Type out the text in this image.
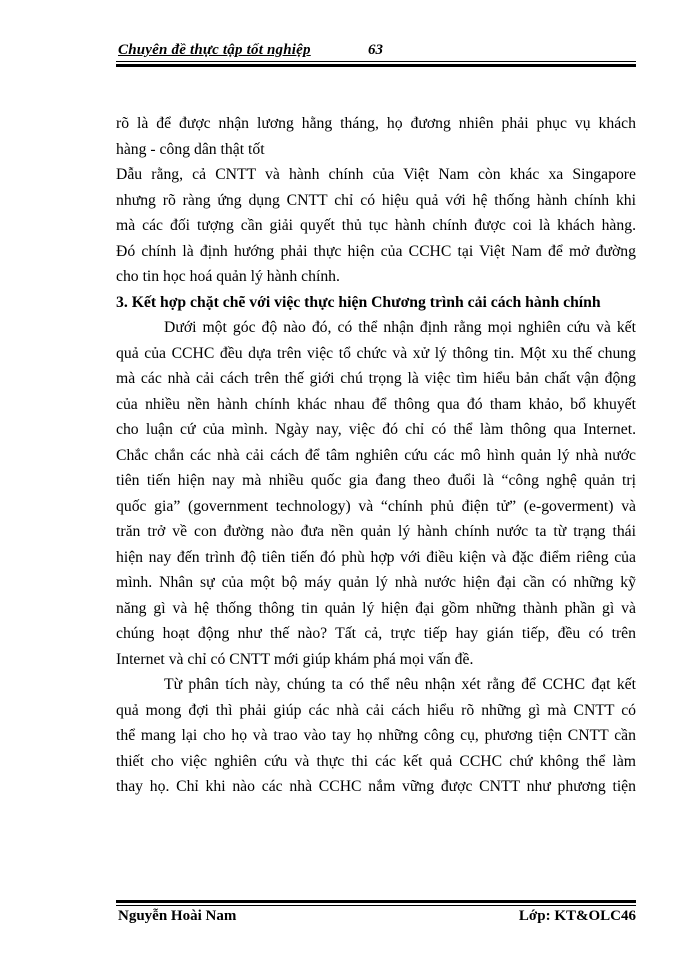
Chuyên đề thực tập tốt nghiệp	63
rõ là để được nhận lương hằng tháng, họ đương nhiên phải phục vụ khách
hàng - công dân thật tốt
Dẫu rằng, cả CNTT và hành chính của Việt Nam còn khác xa Singapore
nhưng rõ ràng ứng dụng CNTT chỉ có hiệu quả với hệ thống hành chính khi
mà các đối tượng cần giải quyết thủ tục hành chính được coi là khách hàng.
Đó chính là định hướng phải thực hiện của CCHC tại Việt Nam để mở đường
cho tin học hoá quản lý hành chính.
3. Kết hợp chặt chẽ với việc thực hiện Chương trình cải cách hành chính
Dưới một góc độ nào đó, có thể nhận định rằng mọi nghiên cứu và kết
quả của CCHC đều dựa trên việc tổ chức và xử lý thông tin. Một xu thế chung
mà các nhà cải cách trên thế giới chú trọng là việc tìm hiểu bản chất vận động
của nhiều nền hành chính khác nhau để thông qua đó tham khảo, bổ khuyết
cho luận cứ của mình. Ngày nay, việc đó chỉ có thể làm thông qua Internet.
Chắc chắn các nhà cải cách để tâm nghiên cứu các mô hình quản lý nhà nước
tiên tiến hiện nay mà nhiều quốc gia đang theo đuổi là “công nghệ quản trị
quốc gia” (government technology) và “chính phủ điện tử” (e-goverment) và
trăn trở về con đường nào đưa nền quản lý hành chính nước ta từ trạng thái
hiện nay đến trình độ tiên tiến đó phù hợp với điều kiện và đặc điểm riêng của
mình. Nhân sự của một bộ máy quản lý nhà nước hiện đại cần có những kỹ
năng gì và hệ thống thông tin quản lý hiện đại gồm những thành phần gì và
chúng hoạt động như thế nào? Tất cả, trực tiếp hay gián tiếp, đều có trên
Internet và chỉ có CNTT mới giúp khám phá mọi vấn đề.
Từ phân tích này, chúng ta có thể nêu nhận xét rằng để CCHC đạt kết
quả mong đợi thì phải giúp các nhà cải cách hiểu rõ những gì mà CNTT có
thể mang lại cho họ và trao vào tay họ những công cụ, phương tiện CNTT cần
thiết cho việc nghiên cứu và thực thi các kết quả CCHC chứ không thể làm
thay họ. Chỉ khi nào các nhà CCHC nắm vững được CNTT như phương tiện
Nguyễn Hoài Nam	Lớp: KT&OLC46
